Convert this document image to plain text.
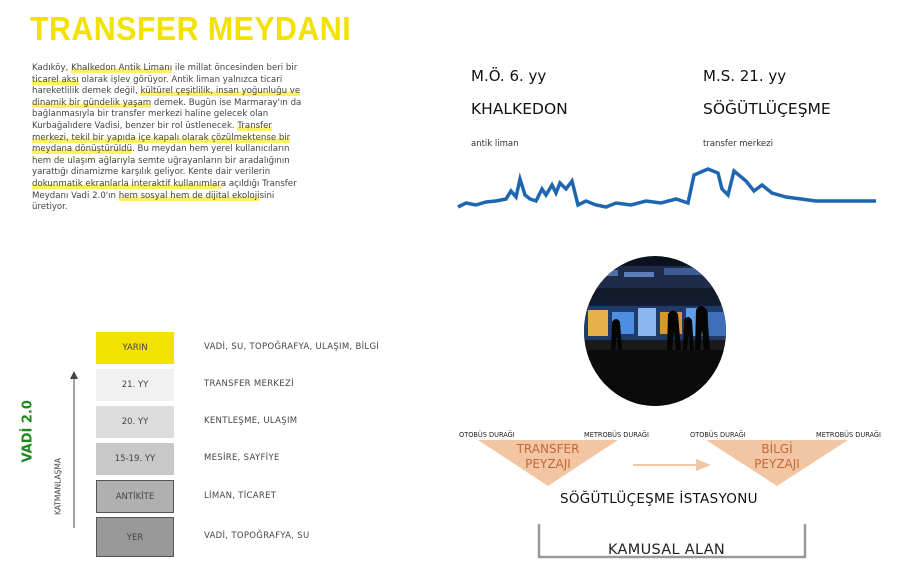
TRANSFER MEYDANI
Kadıköy, Khalkedon Antik Limanı ile millat öncesinden beri bir ticarel aksı olarak işlev görüyor. Antik liman yalnızca ticari hareketlilik demek değil, kültürel çeşitlilik, insan yoğunluğu ve dinamik bir gündelik yaşam demek. Bugün ise Marmaray'ın da bağlanmasıyla bir transfer merkezi haline gelecek olan Kurbağalıdere Vadisi, benzer bir rol üstlenecek. Transfer merkezi, tekil bir yapıda içe kapalı olarak çözülmektense bir meydana dönüştürüldü. Bu meydan hem yerel kullanıcıların hem de ulaşım ağlarıyla semte uğrayanların bir aradalığının yarattığı dinamizme karşılık geliyor. Kente dair verilerin dokunmatik ekranlarla interaktif kullanımlara açıldığı Transfer Meydanı Vadi 2.0'ın hem sosyal hem de dijital ekolojisini üretiyor.
M.Ö. 6. yy
KHALKEDON
antik liman
M.S. 21. yy
SÖĞÜTLÜÇEŞME
transfer merkezi
YARIN	VADİ, SU, TOPOĞRAFYA, ULAŞIM, BİLGİ
21. YY	TRANSFER MERKEZİ
20. YY	KENTLEŞME, ULAŞIM
15-19. YY	MESİRE, SAYFİYE
ANTİKİTE	LİMAN, TİCARET
YER	VADİ, TOPOĞRAFYA, SU
VADİ 2.0
KATMANLAŞMA
OTOBÜS DURAĞI	METROBÜS DURAĞI	OTOBÜS DURAĞI	METROBÜS DURAĞI
TRANSFER
PEYZAJI
BİLGİ
PEYZAJI
SÖĞÜTLÜÇEŞME İSTASYONU
KAMUSAL ALAN
